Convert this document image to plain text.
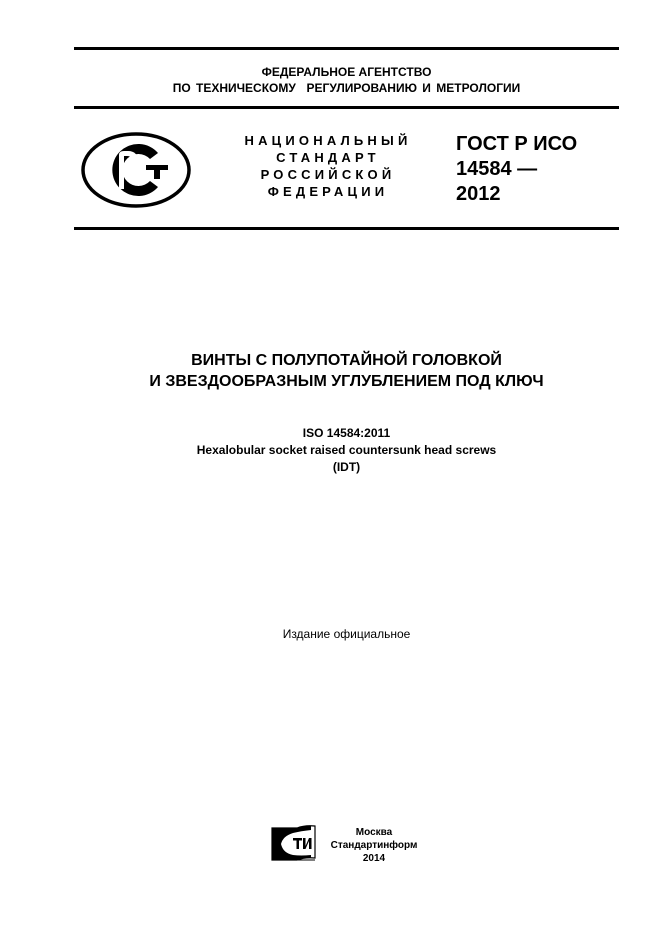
ФЕДЕРАЛЬНОЕ АГЕНТСТВО
ПО ТЕХНИЧЕСКОМУ  РЕГУЛИРОВАНИЮ И МЕТРОЛОГИИ
НАЦИОНАЛЬНЫЙ
СТАНДАРТ
РОССИЙСКОЙ
ФЕДЕРАЦИИ
ГОСТ Р ИСО
14584 —
2012
ВИНТЫ С ПОЛУПОТАЙНОЙ ГОЛОВКОЙ
И ЗВЕЗДООБРАЗНЫМ УГЛУБЛЕНИЕМ ПОД КЛЮЧ
ISO 14584:2011
Hexalobular socket raised countersunk head screws
(IDT)
Издание официальное
Москва
Стандартинформ
2014
